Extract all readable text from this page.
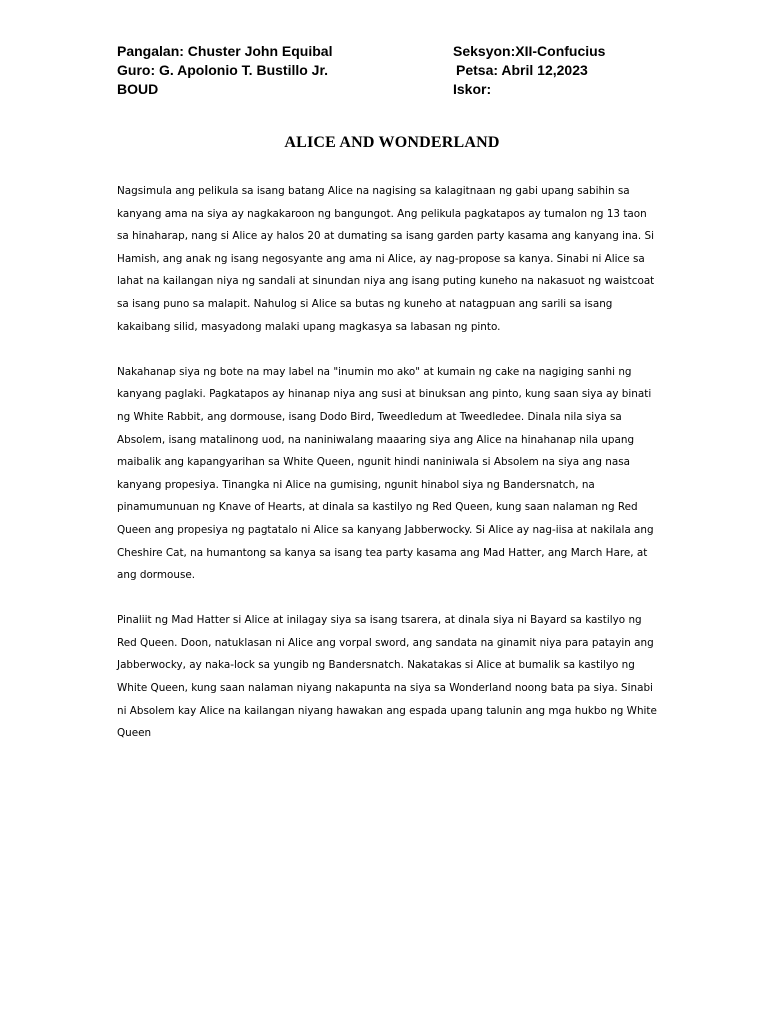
Pangalan: Chuster John Equibal	Seksyon:XII-Confucius
Guro: G. Apolonio T. Bustillo Jr.	Petsa: Abril 12,2023
BOUD	Iskor:
ALICE AND WONDERLAND

Nagsimula ang pelikula sa isang batang Alice na nagising sa kalagitnaan ng gabi upang sabihin sa
kanyang ama na siya ay nagkakaroon ng bangungot. Ang pelikula pagkatapos ay tumalon ng 13 taon
sa hinaharap, nang si Alice ay halos 20 at dumating sa isang garden party kasama ang kanyang ina. Si
Hamish, ang anak ng isang negosyante ang ama ni Alice, ay nag-propose sa kanya. Sinabi ni Alice sa
lahat na kailangan niya ng sandali at sinundan niya ang isang puting kuneho na nakasuot ng waistcoat
sa isang puno sa malapit. Nahulog si Alice sa butas ng kuneho at natagpuan ang sarili sa isang
kakaibang silid, masyadong malaki upang magkasya sa labasan ng pinto.

Nakahanap siya ng bote na may label na "inumin mo ako" at kumain ng cake na nagiging sanhi ng
kanyang paglaki. Pagkatapos ay hinanap niya ang susi at binuksan ang pinto, kung saan siya ay binati
ng White Rabbit, ang dormouse, isang Dodo Bird, Tweedledum at Tweedledee. Dinala nila siya sa
Absolem, isang matalinong uod, na naniniwalang maaaring siya ang Alice na hinahanap nila upang
maibalik ang kapangyarihan sa White Queen, ngunit hindi naniniwala si Absolem na siya ang nasa
kanyang propesiya. Tinangka ni Alice na gumising, ngunit hinabol siya ng Bandersnatch, na
pinamumunuan ng Knave of Hearts, at dinala sa kastilyo ng Red Queen, kung saan nalaman ng Red
Queen ang propesiya ng pagtatalo ni Alice sa kanyang Jabberwocky. Si Alice ay nag-iisa at nakilala ang
Cheshire Cat, na humantong sa kanya sa isang tea party kasama ang Mad Hatter, ang March Hare, at
ang dormouse.

Pinaliit ng Mad Hatter si Alice at inilagay siya sa isang tsarera, at dinala siya ni Bayard sa kastilyo ng
Red Queen. Doon, natuklasan ni Alice ang vorpal sword, ang sandata na ginamit niya para patayin ang
Jabberwocky, ay naka-lock sa yungib ng Bandersnatch. Nakatakas si Alice at bumalik sa kastilyo ng
White Queen, kung saan nalaman niyang nakapunta na siya sa Wonderland noong bata pa siya. Sinabi
ni Absolem kay Alice na kailangan niyang hawakan ang espada upang talunin ang mga hukbo ng White
Queen
